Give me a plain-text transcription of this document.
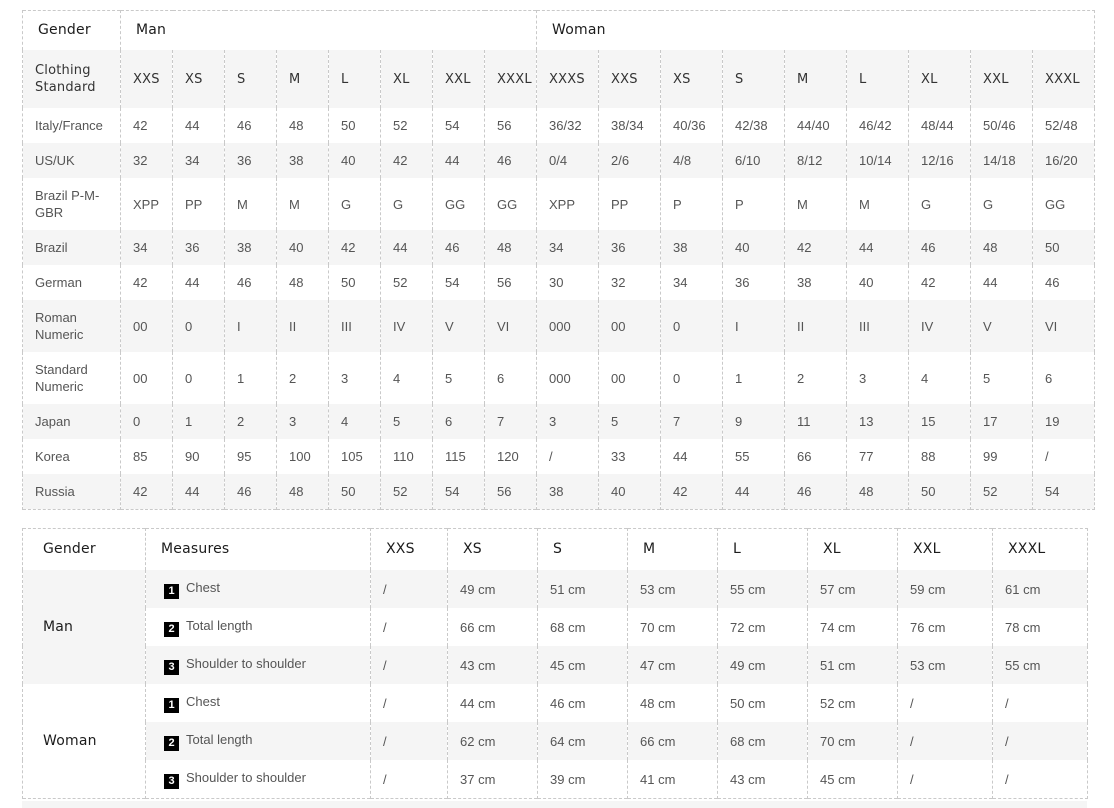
Gender	Man								Woman								
Clothing Standard	XXS	XS	S	M	L	XL	XXL	XXXL	XXXS	XXS	XS	S	M	L	XL	XXL	XXXL
Italy/France	42	44	46	48	50	52	54	56	36/32	38/34	40/36	42/38	44/40	46/42	48/44	50/46	52/48
US/UK	32	34	36	38	40	42	44	46	0/4	2/6	4/8	6/10	8/12	10/14	12/16	14/18	16/20
Brazil P-M-GBR	XPP	PP	M	M	G	G	GG	GG	XPP	PP	P	P	M	M	G	G	GG
Brazil	34	36	38	40	42	44	46	48	34	36	38	40	42	44	46	48	50
German	42	44	46	48	50	52	54	56	30	32	34	36	38	40	42	44	46
Roman Numeric	00	0	I	II	III	IV	V	VI	000	00	0	I	II	III	IV	V	VI
Standard Numeric	00	0	1	2	3	4	5	6	000	00	0	1	2	3	4	5	6
Japan	0	1	2	3	4	5	6	7	3	5	7	9	11	13	15	17	19
Korea	85	90	95	100	105	110	115	120	/	33	44	55	66	77	88	99	/
Russia	42	44	46	48	50	52	54	56	38	40	42	44	46	48	50	52	54
Gender	Measures	XXS	XS	S	M	L	XL	XXL	XXXL
Man	1 Chest	/	49 cm	51 cm	53 cm	55 cm	57 cm	59 cm	61 cm
	2 Total length	/	66 cm	68 cm	70 cm	72 cm	74 cm	76 cm	78 cm
	3 Shoulder to shoulder	/	43 cm	45 cm	47 cm	49 cm	51 cm	53 cm	55 cm
Woman	1 Chest	/	44 cm	46 cm	48 cm	50 cm	52 cm	/	/
	2 Total length	/	62 cm	64 cm	66 cm	68 cm	70 cm	/	/
	3 Shoulder to shoulder	/	37 cm	39 cm	41 cm	43 cm	45 cm	/	/
